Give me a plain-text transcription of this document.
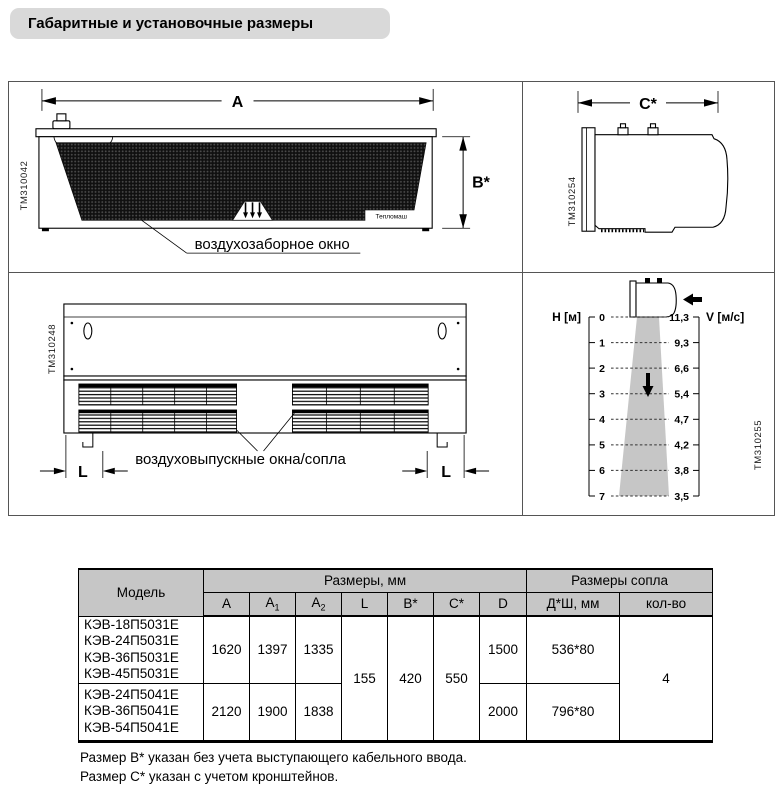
Габаритные и установочные размеры
A
Тепломаш
B*
ТМ310042
воздухозаборное окно
C*
ТМ310254
воздуховыпускные окна/сопла
L	L
ТМ310248
H [м] 0
1
2
3
4
5
6
7
V [м/с]
11,3
9,3
6,6
5,4
4,7
4,2
3,8
3,5
ТМ310255
Модель	Размеры, мм							Размеры сопла	
	A	$A_1$	$A_2$	L	B*	C*	D	Д*Ш, мм	кол-во

КЭВ-18П5031Е
КЭВ-24П5031Е
КЭВ-36П5031Е
КЭВ-45П5031Е	1620	1397	1335	155	420	550	1500	536*80	4

КЭВ-24П5041Е
КЭВ-36П5041Е
КЭВ-54П5041Е	2120	1900	1838				2000	796*80	
Размер В* указан без учета выступающего кабельного ввода.
Размер С* указан с учетом кронштейнов.
